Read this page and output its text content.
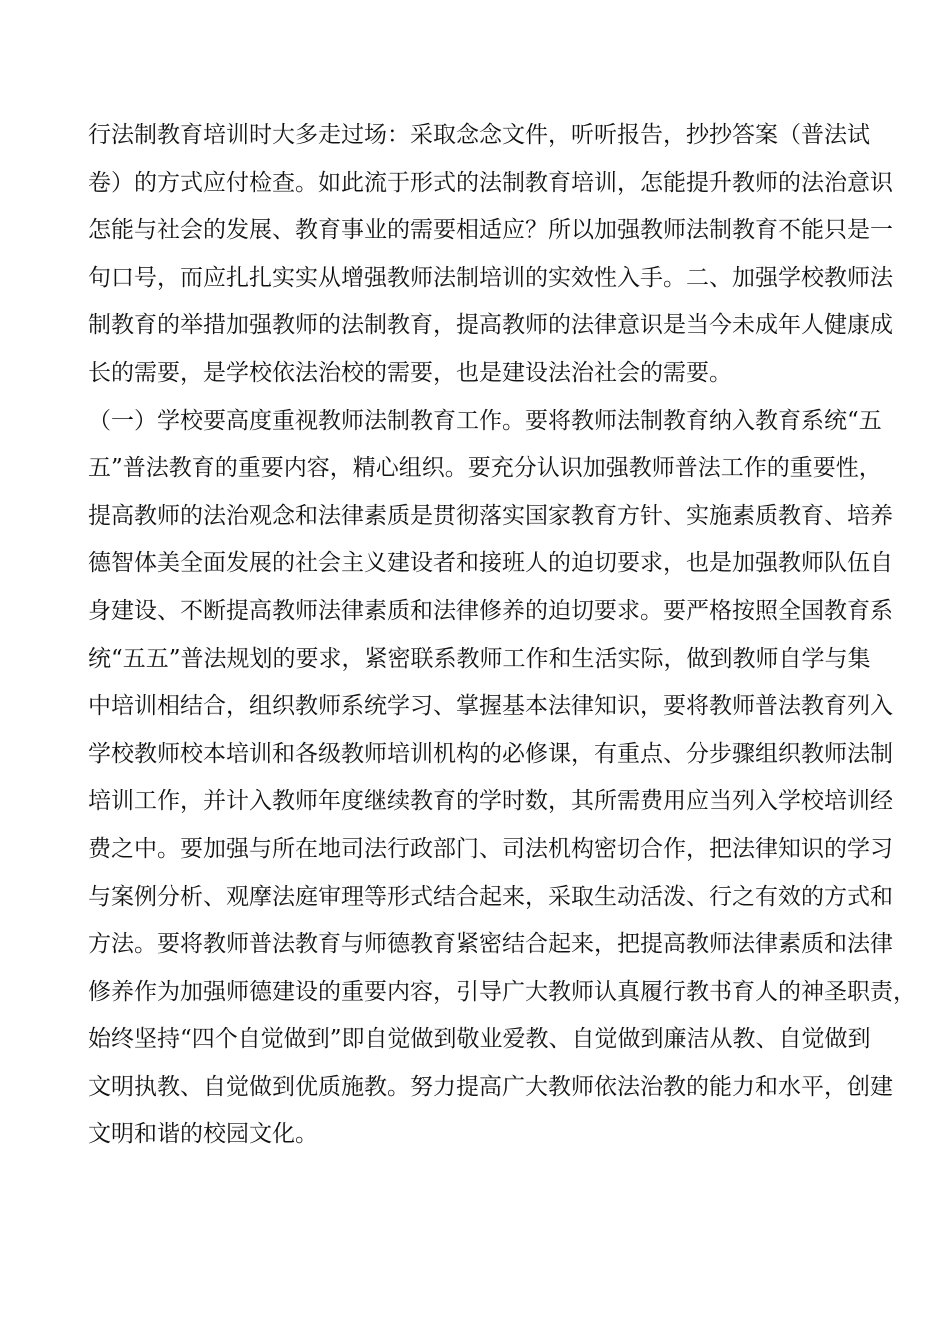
行法制教育培训时大多走过场：采取念念文件，听听报告，抄抄答案（普法试
卷）的方式应付检查。如此流于形式的法制教育培训，怎能提升教师的法治意识
怎能与社会的发展、教育事业的需要相适应？所以加强教师法制教育不能只是一
句口号，而应扎扎实实从增强教师法制培训的实效性入手。二、加强学校教师法
制教育的举措加强教师的法制教育，提高教师的法律意识是当今未成年人健康成
长的需要，是学校依法治校的需要，也是建设法治社会的需要。
（一）学校要高度重视教师法制教育工作。要将教师法制教育纳入教育系统“五
五”普法教育的重要内容，精心组织。要充分认识加强教师普法工作的重要性，
提高教师的法治观念和法律素质是贯彻落实国家教育方针、实施素质教育、培养
德智体美全面发展的社会主义建设者和接班人的迫切要求，也是加强教师队伍自
身建设、不断提高教师法律素质和法律修养的迫切要求。要严格按照全国教育系
统“五五”普法规划的要求，紧密联系教师工作和生活实际，做到教师自学与集
中培训相结合，组织教师系统学习、掌握基本法律知识，要将教师普法教育列入
学校教师校本培训和各级教师培训机构的必修课，有重点、分步骤组织教师法制
培训工作，并计入教师年度继续教育的学时数，其所需费用应当列入学校培训经
费之中。要加强与所在地司法行政部门、司法机构密切合作，把法律知识的学习
与案例分析、观摩法庭审理等形式结合起来，采取生动活泼、行之有效的方式和
方法。要将教师普法教育与师德教育紧密结合起来，把提高教师法律素质和法律
修养作为加强师德建设的重要内容，引导广大教师认真履行教书育人的神圣职责，
始终坚持“四个自觉做到”即自觉做到敬业爱教、自觉做到廉洁从教、自觉做到
文明执教、自觉做到优质施教。努力提高广大教师依法治教的能力和水平，创建
文明和谐的校园文化。
